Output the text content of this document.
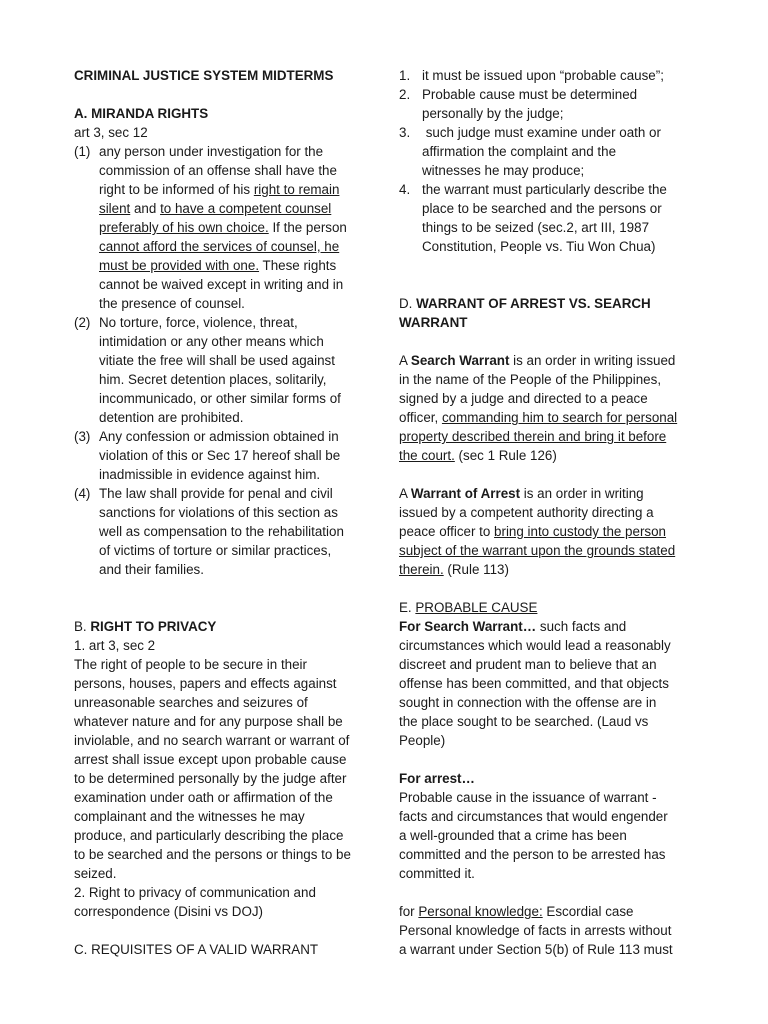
CRIMINAL JUSTICE SYSTEM MIDTERMS
A. MIRANDA RIGHTS
art 3, sec 12
(1) any person under investigation for the
commission of an offense shall have the
right to be informed of his right to remain
silent and to have a competent counsel
preferably of his own choice. If the person
cannot afford the services of counsel, he
must be provided with one. These rights
cannot be waived except in writing and in
the presence of counsel.
(2) No torture, force, violence, threat,
intimidation or any other means which
vitiate the free will shall be used against
him. Secret detention places, solitarily,
incommunicado, or other similar forms of
detention are prohibited.
(3) Any confession or admission obtained in
violation of this or Sec 17 hereof shall be
inadmissible in evidence against him.
(4) The law shall provide for penal and civil
sanctions for violations of this section as
well as compensation to the rehabilitation
of victims of torture or similar practices,
and their families.
B. RIGHT TO PRIVACY
1. art 3, sec 2
The right of people to be secure in their
persons, houses, papers and effects against
unreasonable searches and seizures of
whatever nature and for any purpose shall be
inviolable, and no search warrant or warrant of
arrest shall issue except upon probable cause
to be determined personally by the judge after
examination under oath or affirmation of the
complainant and the witnesses he may
produce, and particularly describing the place
to be searched and the persons or things to be
seized.
2. Right to privacy of communication and
correspondence (Disini vs DOJ)
C. REQUISITES OF A VALID WARRANT
1. it must be issued upon “probable cause”;
2. Probable cause must be determined
personally by the judge;
3. such judge must examine under oath or
affirmation the complaint and the
witnesses he may produce;
4. the warrant must particularly describe the
place to be searched and the persons or
things to be seized (sec.2, art III, 1987
Constitution, People vs. Tiu Won Chua)
D. WARRANT OF ARREST VS. SEARCH
WARRANT
A Search Warrant is an order in writing issued
in the name of the People of the Philippines,
signed by a judge and directed to a peace
officer, commanding him to search for personal
property described therein and bring it before
the court. (sec 1 Rule 126)
A Warrant of Arrest is an order in writing
issued by a competent authority directing a
peace officer to bring into custody the person
subject of the warrant upon the grounds stated
therein. (Rule 113)
E. PROBABLE CAUSE
For Search Warrant… such facts and
circumstances which would lead a reasonably
discreet and prudent man to believe that an
offense has been committed, and that objects
sought in connection with the offense are in
the place sought to be searched. (Laud vs
People)
For arrest…
Probable cause in the issuance of warrant -
facts and circumstances that would engender
a well-grounded that a crime has been
committed and the person to be arrested has
committed it.
for Personal knowledge: Escordial case
Personal knowledge of facts in arrests without
a warrant under Section 5(b) of Rule 113 must
